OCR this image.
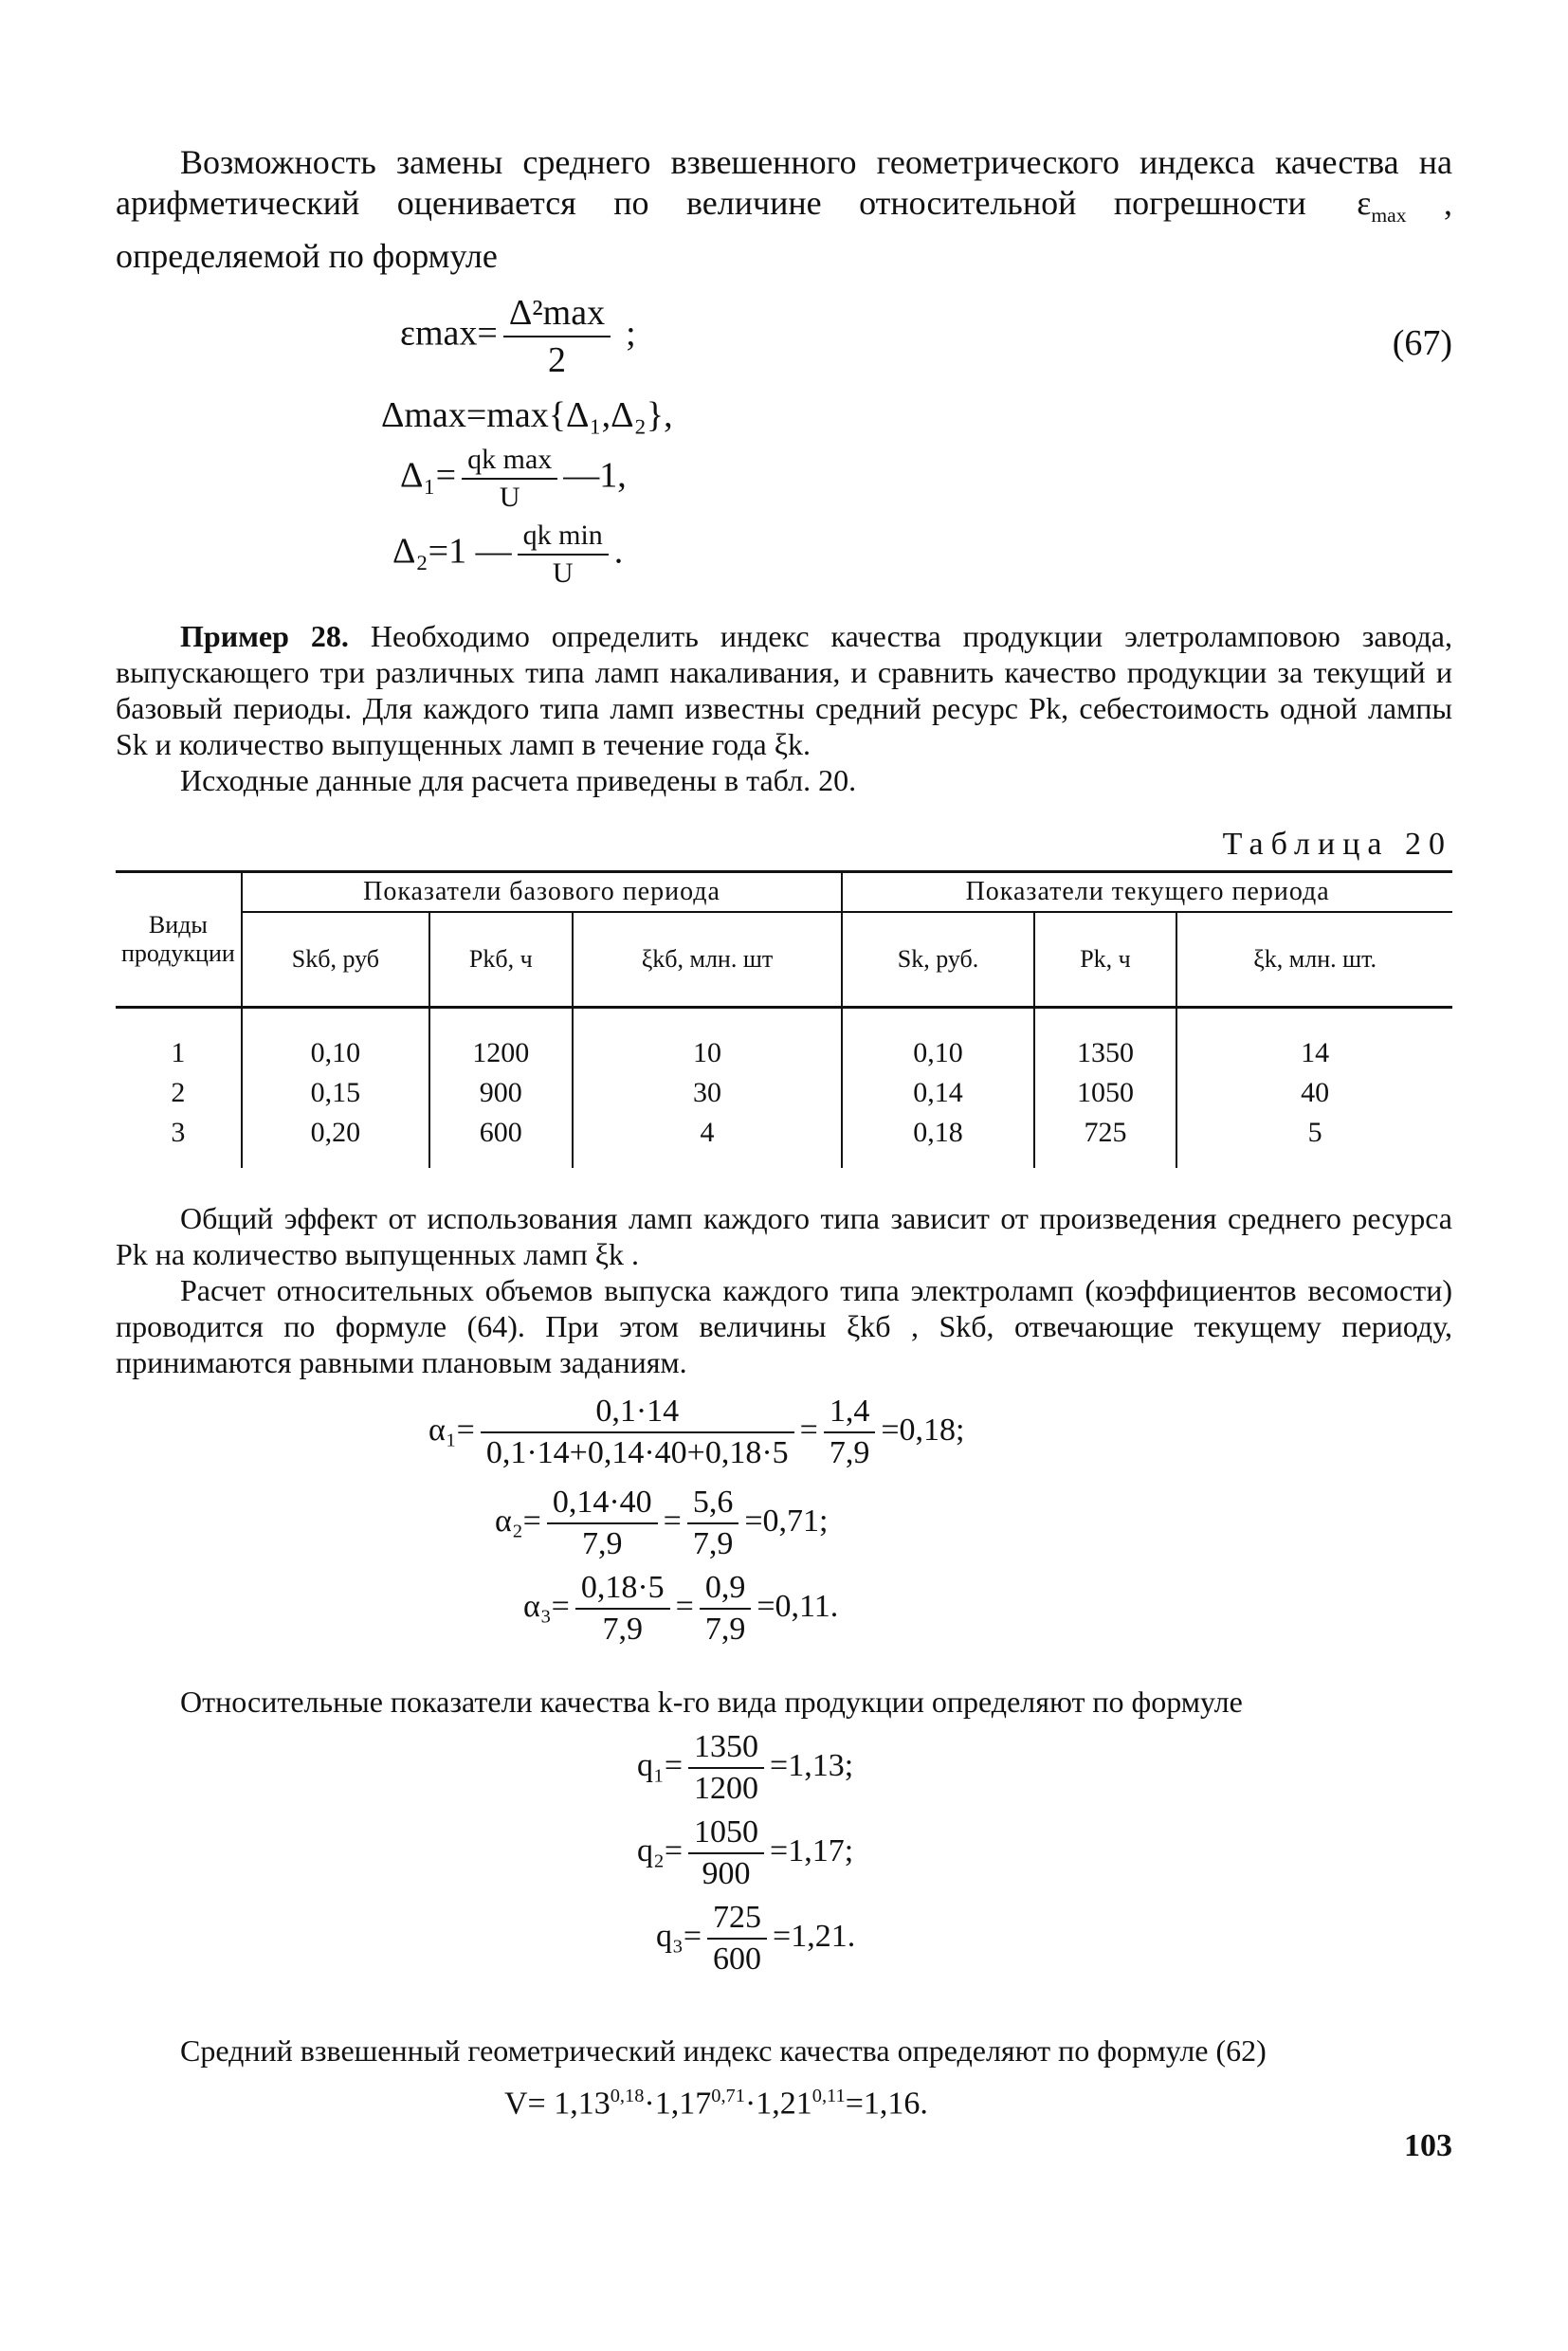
Возможность замены среднего взвешенного геометрического индекса качества на арифметический оценивается по величине относительной погрешности $\varepsilon_{max}$ , определяемой по формуле

(67)
$\varepsilon\max= \frac{\text{Δ²max}}{2}$ ;
Δmax=max{Δ₁,Δ₂},
$\Delta_1= \frac{\text{qk max}}{U}$ —1,
Δ₂=1 — $\frac{\text{qk min}}{U}$ .

Пример 28. Необходимо определить индекс качества продукции элетроламповою завода, выпускающего три различных типа ламп накаливания, и сравнить качество продукции за текущий и базовый периоды. Для каждого типа ламп известны средний ресурс Pk, себестоимость одной лампы Sk и количество выпущенных ламп в течение года ξk.

Исходные данные для расчета приведены в табл. 20.

Таблица 20
Виды продукции	Показатели базового периода			Показатели текущего периода		
	Skб, руб	Pkб, ч	ξkб, млн. шт	Sk, руб.	Pk, ч	ξk, млн. шт.
1	0,10	1200	10	0,10	1350	14
2	0,15	900	30	0,14	1050	40
3	0,20	600	4	0,18	725	5

Общий эффект от использования ламп каждого типа зависит от произведения среднего ресурса Pk на количество выпущенных ламп ξk .

Расчет относительных объемов выпуска каждого типа электроламп (коэффициентов весомости) проводится по формуле (64). При этом величины ξkб , Skб, отвечающие текущему периоду, принимаются равными плановым заданиям.

$\alpha_1= \frac{0,1\cdot 14}{0,1\cdot 14+0,14\cdot 40+0,18\cdot 5} = \frac{1,4}{7,9} =0,18$;
$\alpha_2= \frac{0,14\cdot 40}{7,9} = \frac{5,6}{7,9} =0,71$;
$\alpha_3= \frac{0,18\cdot 5}{7,9} = \frac{0,9}{7,9} =0,11$.

Относительные показатели качества k-го вида продукции определяют по формуле

$q_1= \frac{1350}{1200} =1,13$;
$q_2= \frac{1050}{900} =1,17$;
$q_3= \frac{725}{600} =1,21$.

Средний взвешенный геометрический индекс качества определяют по формуле (62)

$V= 1,13^{0,18}\cdot 1,17^{0,71}\cdot 1,21^{0,11}=1,16$.
103
